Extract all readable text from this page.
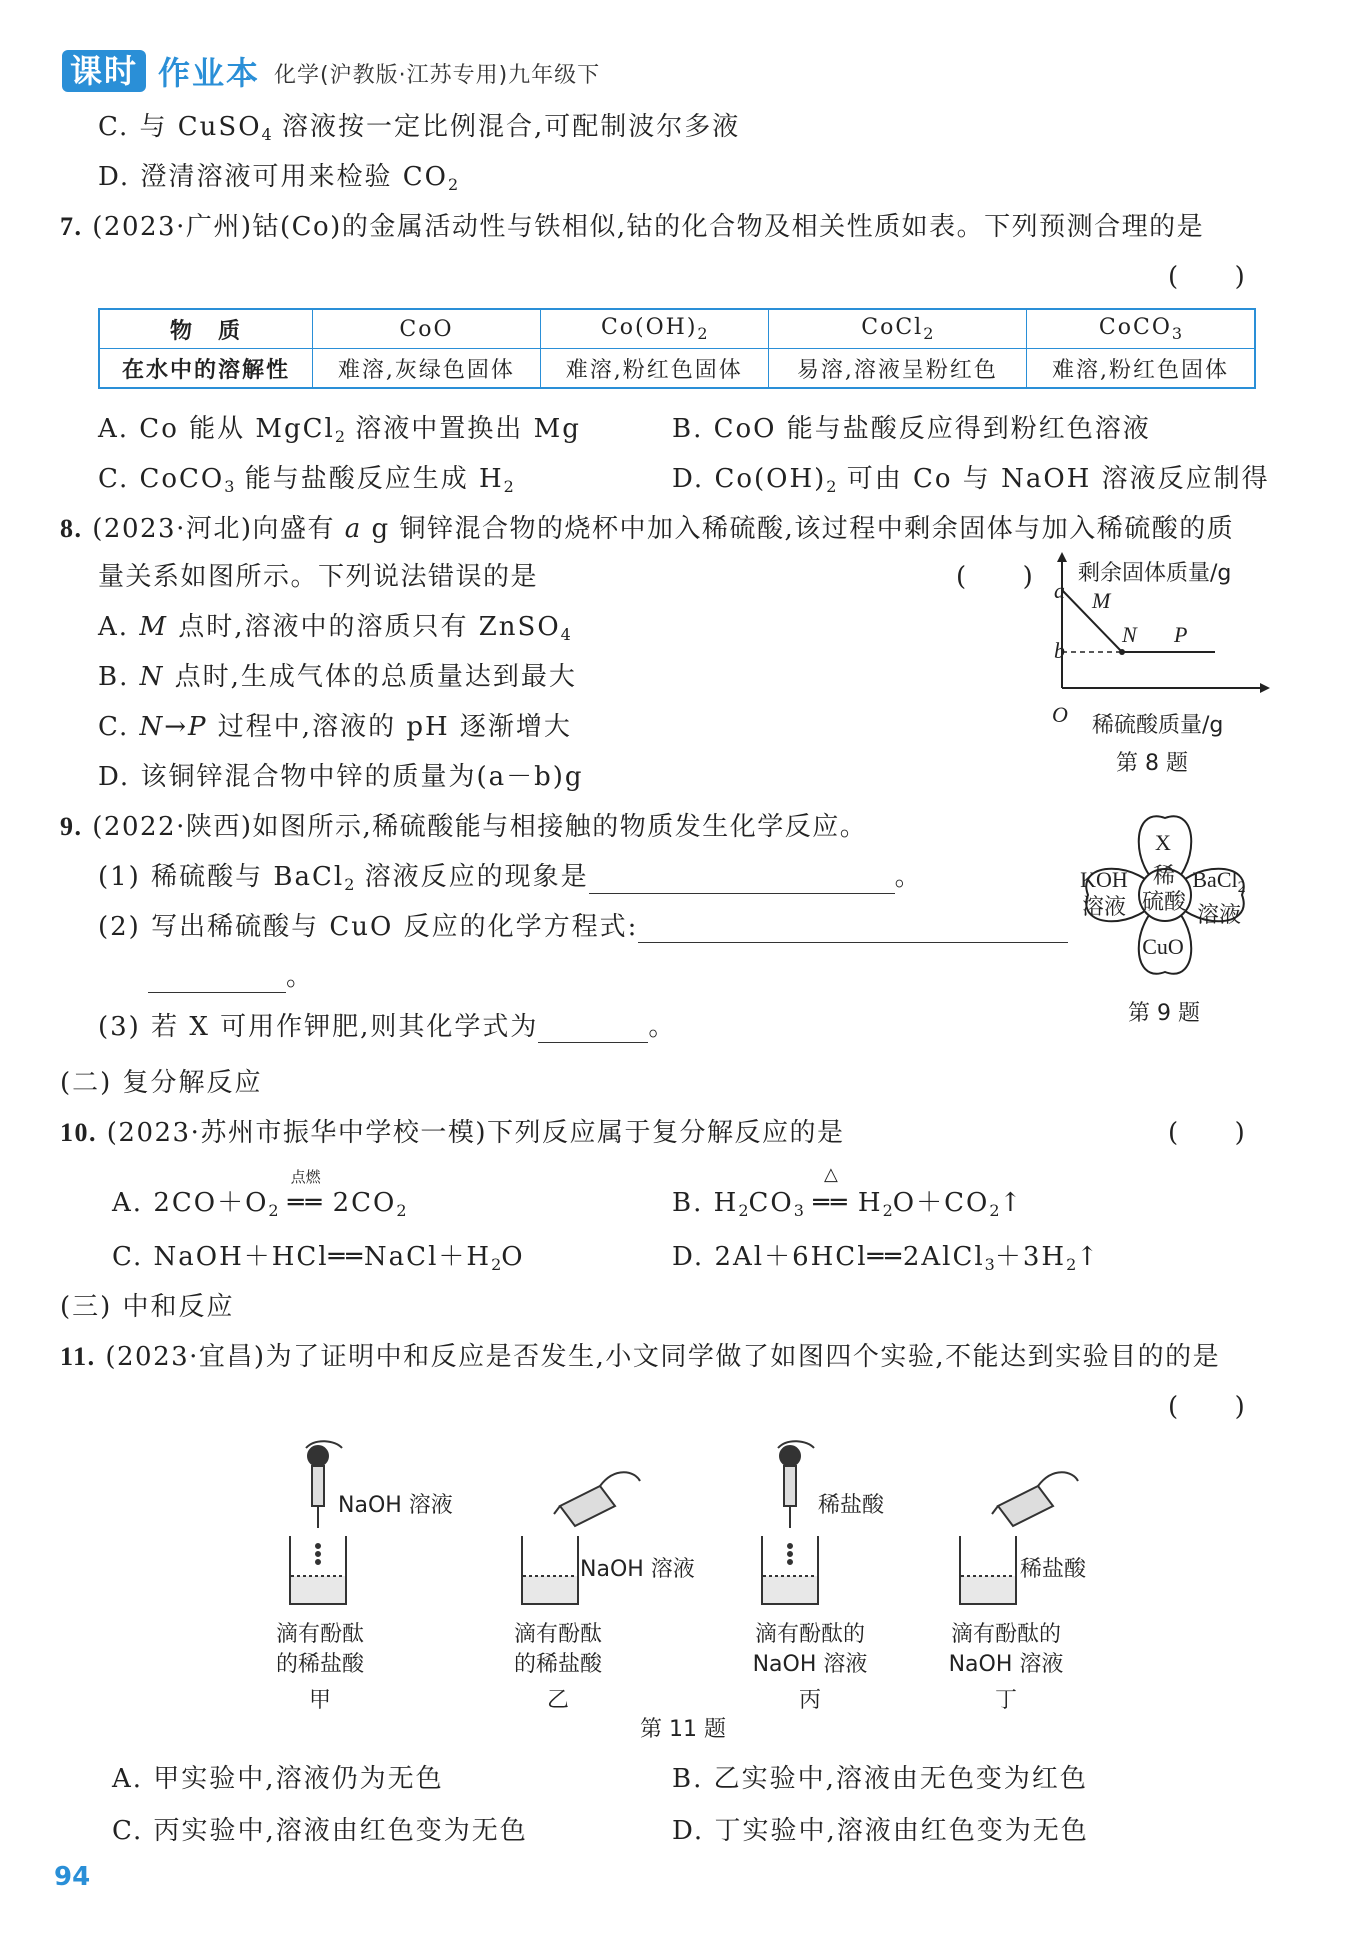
课时 作业本 化学(沪教版·江苏专用)九年级下
C. 与 CuSO$_4$ 溶液按一定比例混合,可配制波尔多液
D. 澄清溶液可用来检验 $CO_2$
7. (2023·广州)钴(Co)的金属活动性与铁相似,钴的化合物及相关性质如表。下列预测合理的是
(　　)
物　质	CoO	$Co(OH)_2$	CoCl$_2$	CoCO$_3$
在水中的溶解性	难溶,灰绿色固体	难溶,粉红色固体	易溶,溶液呈粉红色	难溶,粉红色固体
A. Co 能从 MgCl$_2$ 溶液中置换出 Mg	B. CoO 能与盐酸反应得到粉红色溶液
C. CoCO$_3$ 能与盐酸反应生成 $H_2$	D. $Co(OH)_2$ 可由 Co 与 NaOH 溶液反应制得
8. (2023·河北)向盛有 a g 铜锌混合物的烧杯中加入稀硫酸,该过程中剩余固体与加入稀硫酸的质
量关系如图所示。下列说法错误的是	(　　)
A. M 点时,溶液中的溶质只有 ZnSO$_4$
B. N 点时,生成气体的总质量达到最大
C. N→P 过程中,溶液的 pH 逐渐增大
D. 该铜锌混合物中锌的质量为(a－b)g
剩余固体质量/g
a M
b
N P
O 稀硫酸质量/g
第 8 题
9. (2022·陕西)如图所示,稀硫酸能与相接触的物质发生化学反应。
(1) 稀硫酸与 BaCl$_2$ 溶液反应的现象是	。
(2) 写出稀硫酸与 CuO 反应的化学方程式:
。
(3) 若 X 可用作钾肥,则其化学式为	。
X
KOH
溶液
BaCl$_2$
溶液
稀
硫酸
CuO
第 9 题
(二) 复分解反应
10. (2023·苏州市振华中学校一模)下列反应属于复分解反应的是	(　　)
A. $2CO+O_2$
点燃
══ $2CO_2$	B. $H_2CO_3$
△
══ $H_2O+CO_2↑$
C. $NaOH+HCl══NaCl+H_2O$	D. $2Al+6HCl══2AlCl_3+3H_2↑$
(三) 中和反应
11. (2023·宜昌)为了证明中和反应是否发生,小文同学做了如图四个实验,不能达到实验目的的是
(　　)
NaOH 溶液
NaOH 溶液
稀盐酸
稀盐酸
滴有酚酞
的稀盐酸
甲
滴有酚酞
的稀盐酸
乙
滴有酚酞的
NaOH 溶液
丙
滴有酚酞的
NaOH 溶液
丁
第 11 题
A. 甲实验中,溶液仍为无色	B. 乙实验中,溶液由无色变为红色
C. 丙实验中,溶液由红色变为无色	D. 丁实验中,溶液由红色变为无色
94
